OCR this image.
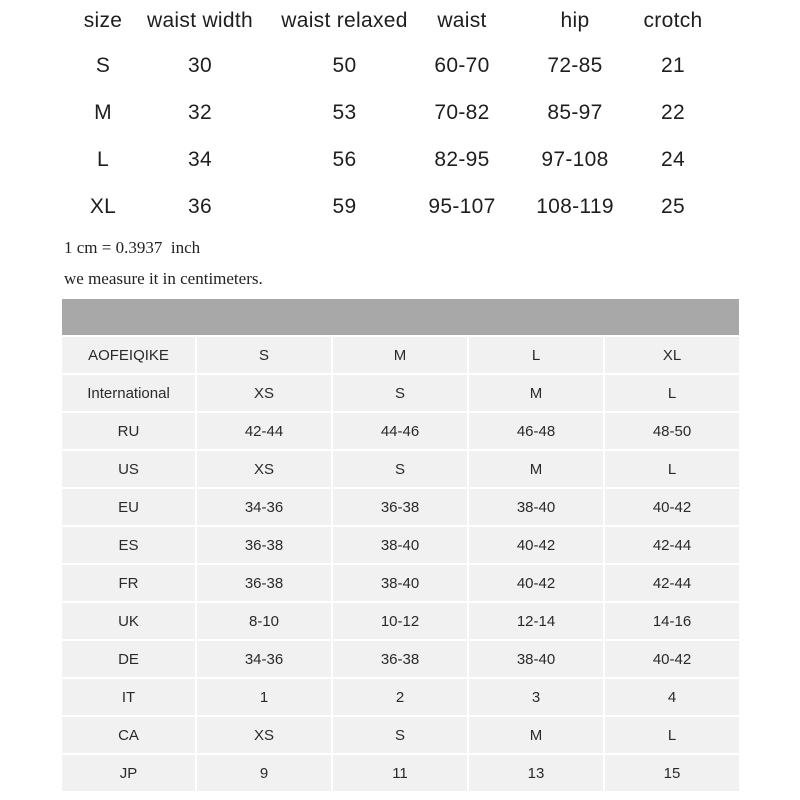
size	waist width	waist relaxed	waist	hip	crotch
S	30	50	60-70	72-85	21
M	32	53	70-82	85-97	22
L	34	56	82-95	97-108	24
XL	36	59	95-107	108-119	25
1 cm = 0.3937  inch
we measure it in centimeters.
AOFEIQIKE	S	M	L	XL
International	XS	S	M	L
RU	42-44	44-46	46-48	48-50
US	XS	S	M	L
EU	34-36	36-38	38-40	40-42
ES	36-38	38-40	40-42	42-44
FR	36-38	38-40	40-42	42-44
UK	8-10	10-12	12-14	14-16
DE	34-36	36-38	38-40	40-42
IT	1	2	3	4
CA	XS	S	M	L
JP	9	11	13	15
